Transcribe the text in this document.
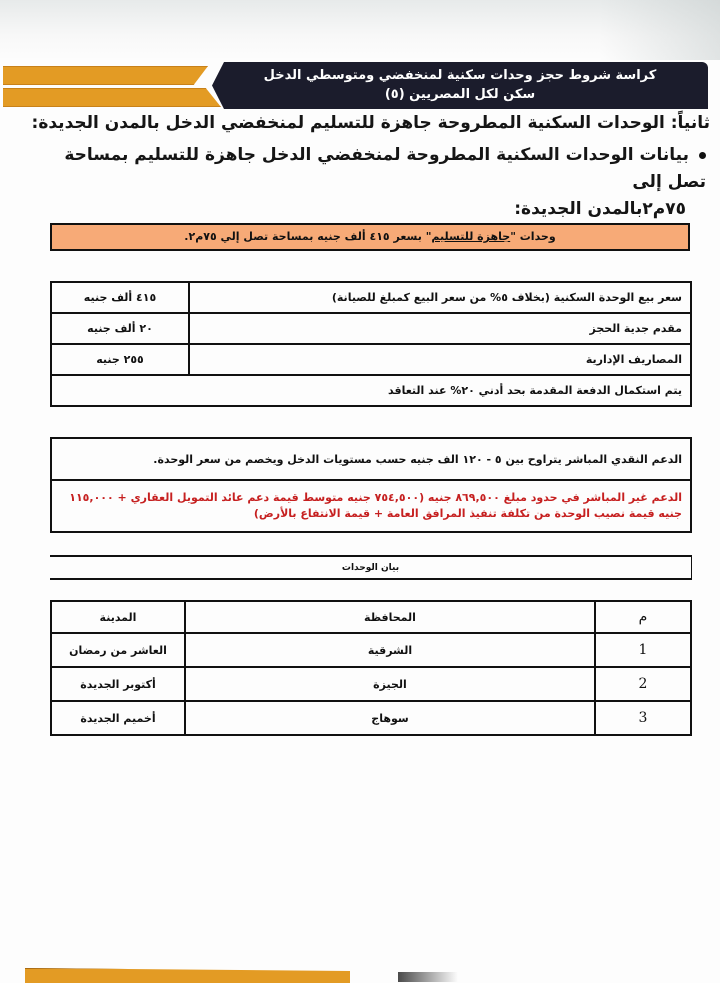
كراسة شروط حجز وحدات سكنية لمنخفضي ومتوسطي الدخل
سكن لكل المصريين (٥)
ثانياً: الوحدات السكنية المطروحة جاهزة للتسليم لمنخفضي الدخل بالمدن الجديدة:
بيانات الوحدات السكنية المطروحة لمنخفضي الدخل جاهزة للتسليم بمساحة تصل إلى
٧٥م٢بالمدن الجديدة:
وحدات "جاهزة للتسليم" بسعر ٤١٥ ألف جنيه بمساحة تصل إلي ٧٥م٢.
سعر بيع الوحدة السكنية (بخلاف ٥% من سعر البيع كمبلغ للصيانة)	٤١٥ ألف جنيه
مقدم جدية الحجز	٢٠ ألف جنيه
المصاريف الإدارية	٢٥٥ جنيه
يتم استكمال الدفعة المقدمة بحد أدني ٢٠% عند التعاقد	
الدعم النقدي المباشر يتراوح بين ٥ - ١٢٠ الف جنيه حسب مستويات الدخل ويخصم من سعر الوحدة.
الدعم غير المباشر في حدود مبلغ ٨٦٩,٥٠٠ جنيه (٧٥٤,٥٠٠ جنيه متوسط قيمة دعم عائد التمويل العقاري + ١١٥,٠٠٠ جنيه قيمة نصيب الوحدة من تكلفة تنفيذ المرافق العامة + قيمة الانتفاع بالأرض)
بيان الوحدات
م	المحافظة	المدينة
1	الشرقية	العاشر من رمضان
2	الجيزة	أكتوبر الجديدة
3	سوهاج	أخميم الجديدة
